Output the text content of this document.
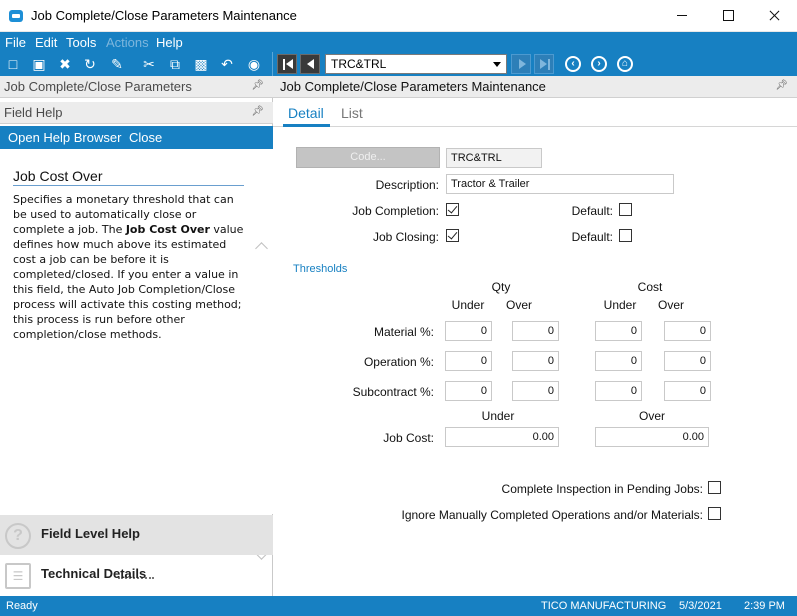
Job Complete/Close Parameters Maintenance
File Edit Tools Actions Help
□ ▣ ✖ ↻ ✎ ✂ ⧉ ▩ ↶ ◉	TRC&TRL	‹	›	⌂
Job Complete/Close Parameters	📌︎
Field Help	📌︎
Open Help Browser Close
Job Cost Over
Specifies a monetary threshold that can be used to automatically close or complete a job. The Job Cost Over value defines how much above its estimated cost a job can be before it is completed/closed. If you enter a value in this field, the Auto Job Completion/Close process will activate this costing method; this process is run before other completion/close methods.
?	Field Level Help
☰	Technical Details
Job Complete/Close Parameters Maintenance	📌︎
Detail List
Code...	TRC&TRL
Description:	Tractor & Trailer
Job Completion:	Default:
Job Closing:	Default:
Thresholds
Qty	Cost
Under	Over	Under	Over
Material %:	0	0	0	0
Operation %:	0	0	0	0
Subcontract %:	0	0	0	0
Under	Over
Job Cost:	0.00	0.00
Complete Inspection in Pending Jobs:
Ignore Manually Completed Operations and/or Materials:
Ready	TICO MANUFACTURING 5/3/2021 2:39 PM
